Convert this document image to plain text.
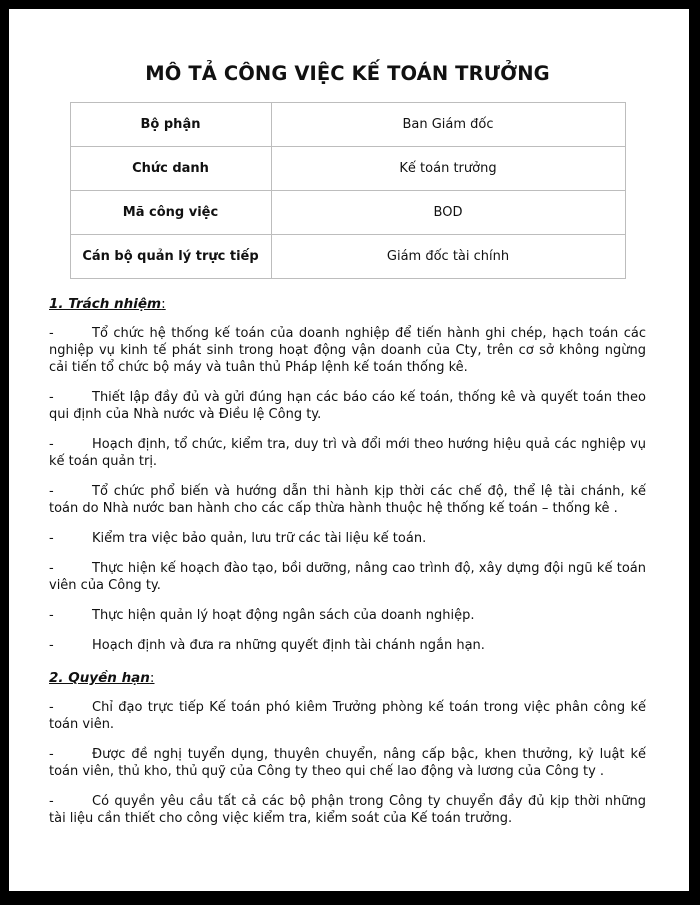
MÔ TẢ CÔNG VIỆC KẾ TOÁN TRƯỞNG
Bộ phận	Ban Giám đốc
Chức danh	Kế toán trưởng
Mã công việc	BOD
Cán bộ quản lý trực tiếp	Giám đốc tài chính
1. Trách nhiệm:

-	Tổ chức hệ thống kế toán của doanh nghiệp để tiến hành ghi chép, hạch toán các nghiệp vụ kinh tế phát sinh trong hoạt động vận doanh của Cty, trên cơ sở không ngừng cải tiến tổ chức bộ máy và tuân thủ Pháp lệnh kế toán thống kê.

-	Thiết lập đầy đủ và gửi đúng hạn các báo cáo kế toán, thống kê và quyết toán theo qui định của Nhà nước và Điều lệ Công ty.

-	Hoạch định, tổ chức, kiểm tra, duy trì và đổi mới theo hướng hiệu quả các nghiệp vụ kế toán quản trị.

-	Tổ chức phổ biến và hướng dẫn thi hành kịp thời các chế độ, thể lệ tài chánh, kế toán do Nhà nước ban hành cho các cấp thừa hành thuộc hệ thống kế toán – thống kê .

-	Kiểm tra việc bảo quản, lưu trữ các tài liệu kế toán.

-	Thực hiện kế hoạch đào tạo, bồi dưỡng, nâng cao trình độ, xây dựng đội ngũ kế toán viên của Công ty.

-	Thực hiện quản lý hoạt động ngân sách của doanh nghiệp.

-	Hoạch định và đưa ra những quyết định tài chánh ngắn hạn.

2. Quyền hạn:

-	Chỉ đạo trực tiếp Kế toán phó kiêm Trưởng phòng kế toán trong việc phân công kế toán viên.

-	Được đề nghị tuyển dụng, thuyên chuyển, nâng cấp bậc, khen thưởng, kỷ luật kế toán viên, thủ kho, thủ quỹ của Công ty theo qui chế lao động và lương của Công ty .

-	Có quyền yêu cầu tất cả các bộ phận trong Công ty chuyển đầy đủ kịp thời những tài liệu cần thiết cho công việc kiểm tra, kiểm soát của Kế toán trưởng.
